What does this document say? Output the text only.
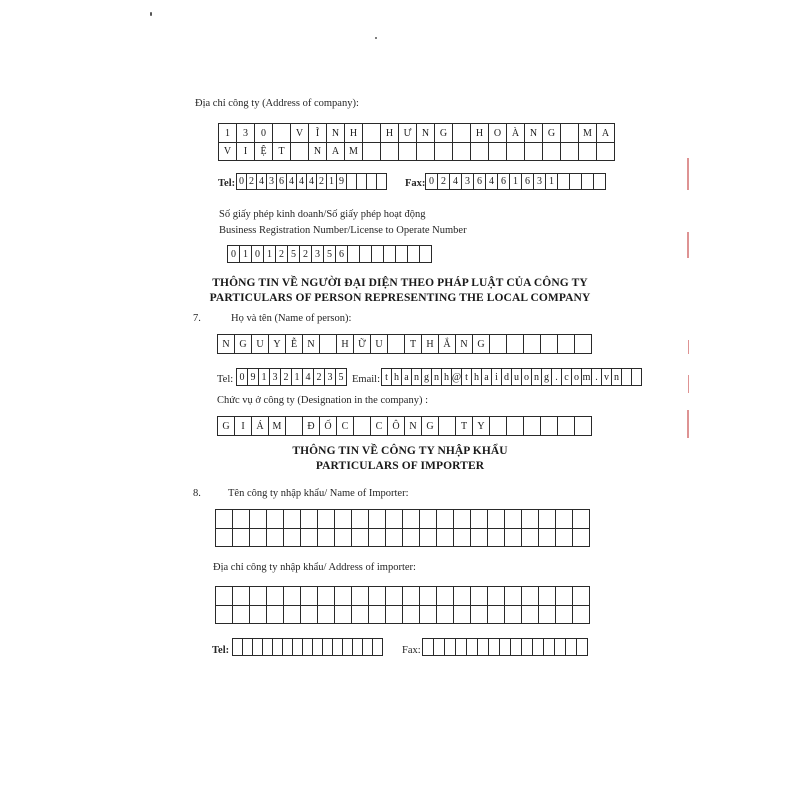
Địa chỉ công ty (Address of company):
1	3	0	V	Ĩ	N	H	H	Ư	N	G	H	O	À	N	G	M A
V	I	Ệ	T	N	A M
Tel: 0 2 4 3 6 4 4 4 2 1 9	Fax: 0 2 4 3 6 4 6 1 6 3 1
Số giấy phép kinh doanh/Số giấy phép hoạt động
Business Registration Number/License to Operate Number
0 1 0 1 2 5 2 3 5 6
THÔNG TIN VỀ NGƯỜI ĐẠI DIỆN THEO PHÁP LUẬT CỦA CÔNG TY
PARTICULARS OF PERSON REPRESENTING THE LOCAL COMPANY
7.	Họ và tên (Name of person):
N G U Y	Ễ	N	H Ữ U	T	H Ắ N G
Tel: 0 9 1 3 2 1 4 2 3 5 Email: t h a n g n h @ t h a i d u o n g . c o m . v n
Chức vụ ở công ty (Designation in the company) :
G	I	Á M	Đ Ố	C	C	Ô N G	T	Y
THÔNG TIN VỀ CÔNG TY NHẬP KHẨU
PARTICULARS OF IMPORTER
8.	Tên công ty nhập khẩu/ Name of Importer:
Địa chỉ công ty nhập khẩu/ Address of importer:
Tel:	Fax:
